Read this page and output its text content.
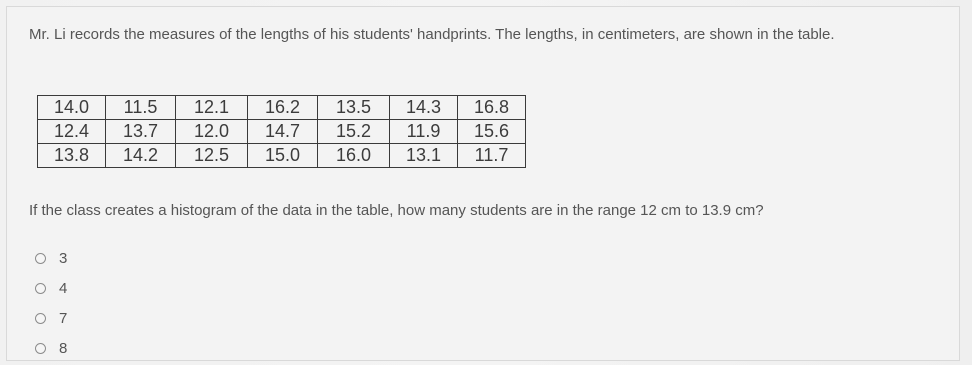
Mr. Li records the measures of the lengths of his students' handprints. The lengths, in centimeters, are shown in the table.

14.0	11.5	12.1	16.2	13.5	14.3	16.8
12.4	13.7	12.0	14.7	15.2	11.9	15.6
13.8	14.2	12.5	15.0	16.0	13.1	11.7

If the class creates a histogram of the data in the table, how many students are in the range 12 cm to 13.9 cm?

3
4
7
8
